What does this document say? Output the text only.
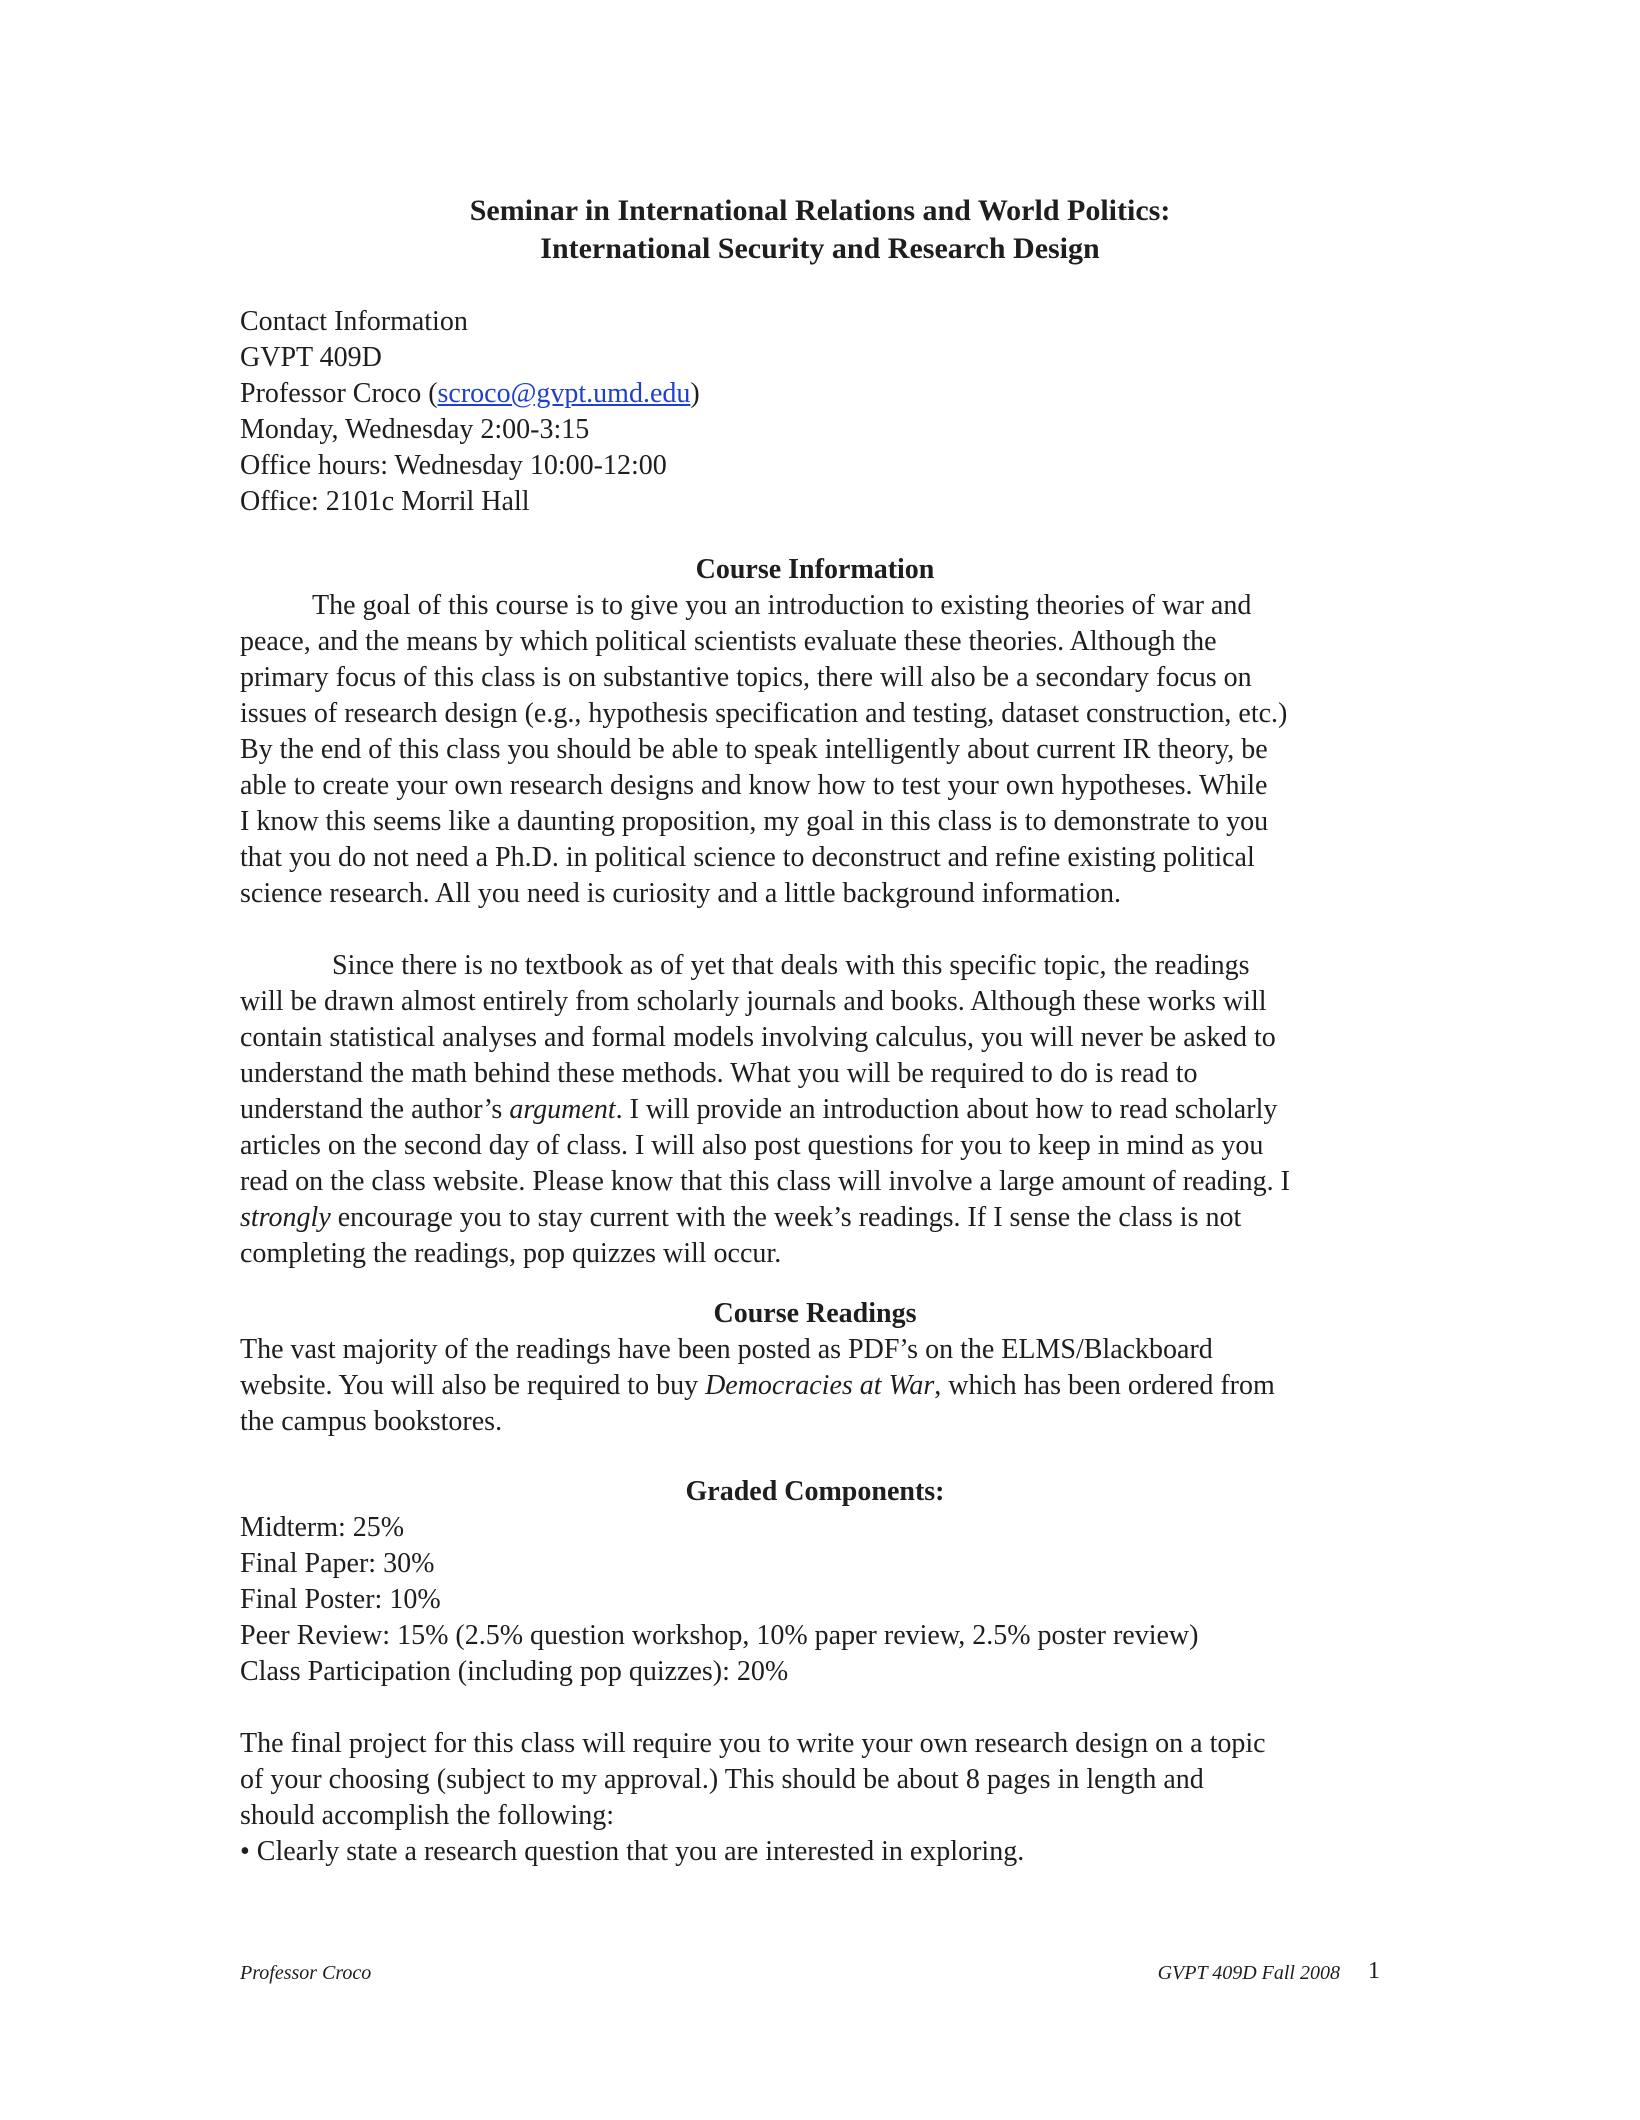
Seminar in International Relations and World Politics:
International Security and Research Design
Contact Information
GVPT 409D
Professor Croco (scroco@gvpt.umd.edu)
Monday, Wednesday 2:00-3:15
Office hours: Wednesday 10:00-12:00
Office: 2101c Morril Hall
Course Information
The goal of this course is to give you an introduction to existing theories of war and
peace, and the means by which political scientists evaluate these theories. Although the
primary focus of this class is on substantive topics, there will also be a secondary focus on
issues of research design (e.g., hypothesis specification and testing, dataset construction, etc.)
By the end of this class you should be able to speak intelligently about current IR theory, be
able to create your own research designs and know how to test your own hypotheses. While
I know this seems like a daunting proposition, my goal in this class is to demonstrate to you
that you do not need a Ph.D. in political science to deconstruct and refine existing political
science research. All you need is curiosity and a little background information.
Since there is no textbook as of yet that deals with this specific topic, the readings
will be drawn almost entirely from scholarly journals and books. Although these works will
contain statistical analyses and formal models involving calculus, you will never be asked to
understand the math behind these methods. What you will be required to do is read to
understand the author’s argument. I will provide an introduction about how to read scholarly
articles on the second day of class. I will also post questions for you to keep in mind as you
read on the class website. Please know that this class will involve a large amount of reading. I
strongly encourage you to stay current with the week’s readings. If I sense the class is not
completing the readings, pop quizzes will occur.
Course Readings
The vast majority of the readings have been posted as PDF’s on the ELMS/Blackboard
website. You will also be required to buy Democracies at War, which has been ordered from
the campus bookstores.
Graded Components:
Midterm: 25%
Final Paper: 30%
Final Poster: 10%
Peer Review: 15% (2.5% question workshop, 10% paper review, 2.5% poster review)
Class Participation (including pop quizzes): 20%
The final project for this class will require you to write your own research design on a topic
of your choosing (subject to my approval.) This should be about 8 pages in length and
should accomplish the following:
• Clearly state a research question that you are interested in exploring.
Professor Croco	GVPT 409D Fall 2008 1
